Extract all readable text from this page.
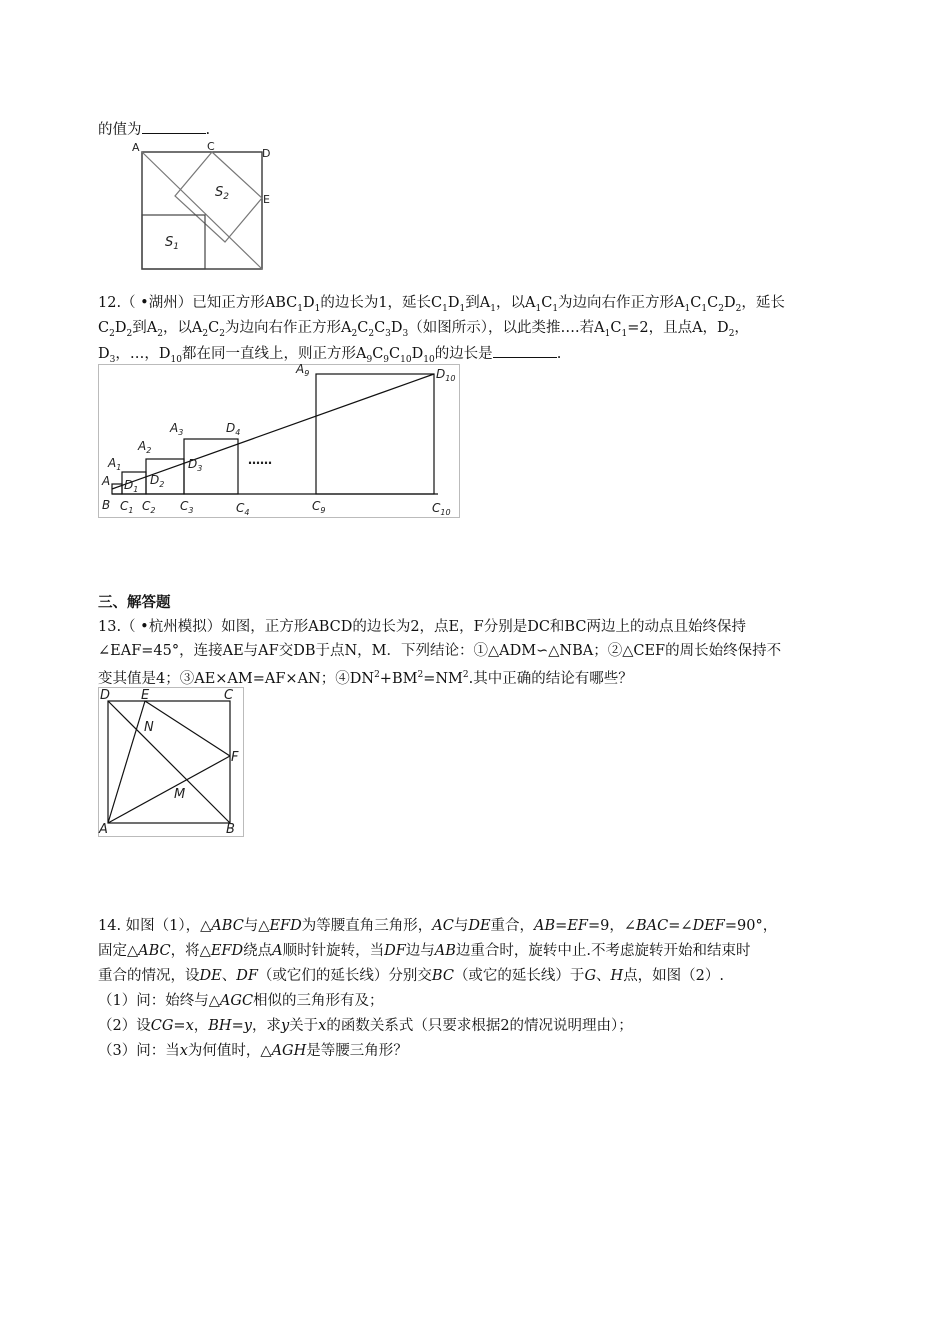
的值为	.
A	C
D
E
$S_2$
$S_1$
12.（ •湖州）已知正方形$ABC_1D_1$的边长为1，延长$C_1D_1$到$A_1$，以$A_1C_1$为边向右作正方形$A_1C_1C_2D_2$，延长
$C_2D_2$到$A_2$，以$A_2C_2$为边向右作正方形$A_2C_2C_3D_3$（如图所示），以此类推….若$A_1C_1=2$，且点A，$D_2$，
$D_3$，…，$D_{10}$都在同一直线上，则正方形$A_9C_9C_{10}D_{10}$的边长是	.
A
B
$A_1$
$D_1$
$A_2$
$D_2$
$A_3$
$D_3$
$D_4$
$A_9$	$D_{10}$
……
$C_1$ $C_2$ $C_3$	$C_4$	$C_9$	$C_{10}$
三、解答题
13.（ •杭州模拟）如图，正方形ABCD的边长为2，点E，F分别是DC和BC两边上的动点且始终保持
∠EAF=45°，连接AE与AF交DB于点N，M．下列结论：①△ADM∽△NBA；②△CEF的周长始终保持不
变其值是4；③AE×AM=AF×AN；$④DN^2+BM^2=NM^2$.其中正确的结论有哪些？
D E	C
N
F
M
A	B
14. 如图（1），△ABC与△EFD为等腰直角三角形，AC与DE重合，AB=EF=9，∠BAC=∠DEF=90°，
固定△ABC，将△EFD绕点A顺时针旋转，当DF边与AB边重合时，旋转中止.不考虑旋转开始和结束时
重合的情况，设DE、DF（或它们的延长线）分别交BC（或它的延长线）于G、H点，如图（2）.
（1）问：始终与△AGC相似的三角形有及；
（2）设CG=x，BH=y，求y关于x的函数关系式（只要求根据2的情况说明理由）；
（3）问：当x为何值时，△AGH是等腰三角形？
